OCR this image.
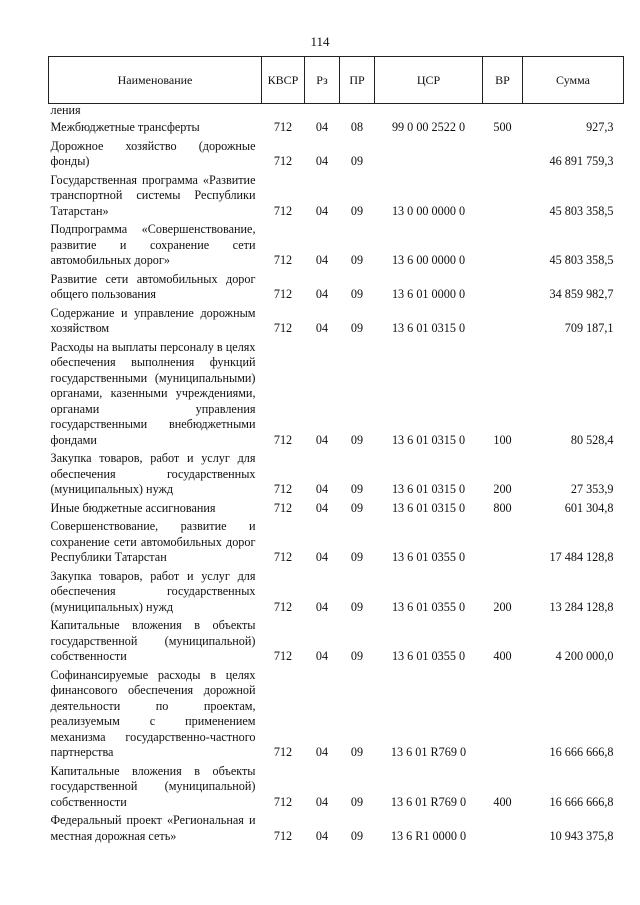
114
Наименование	КВСР	Рз	ПР	ЦСР	ВР	Сумма
ления						
Межбюджетные трансферты	712	04	08	99 0 00 2522 0	500	927,3
Дорожное хозяйство (дорожные фонды)	712	04	09			46 891 759,3
Государственная программа «Развитие транспортной системы Республики Татарстан»	712	04	09	13 0 00 0000 0		45 803 358,5
Подпрограмма «Совершенствование, развитие и сохранение сети автомобильных дорог»	712	04	09	13 6 00 0000 0		45 803 358,5
Развитие сети автомобильных дорог общего пользования	712	04	09	13 6 01 0000 0		34 859 982,7
Содержание и управление дорожным хозяйством	712	04	09	13 6 01 0315 0		709 187,1
Расходы на выплаты персоналу в целях обеспечения выполнения функций государственными (муниципальными) органами, казенными учреждениями, органами управления государственными внебюджетными фондами	712	04	09	13 6 01 0315 0	100	80 528,4
Закупка товаров, работ и услуг для обеспечения государственных (муниципальных) нужд	712	04	09	13 6 01 0315 0	200	27 353,9
Иные бюджетные ассигнования	712	04	09	13 6 01 0315 0	800	601 304,8
Совершенствование, развитие и сохранение сети автомобильных дорог Республики Татарстан	712	04	09	13 6 01 0355 0		17 484 128,8
Закупка товаров, работ и услуг для обеспечения государственных (муниципальных) нужд	712	04	09	13 6 01 0355 0	200	13 284 128,8
Капитальные вложения в объекты государственной (муниципальной) собственности	712	04	09	13 6 01 0355 0	400	4 200 000,0
Софинансируемые расходы в целях финансового обеспечения дорожной деятельности по проектам, реализуемым с применением механизма государственно-частного партнерства	712	04	09	13 6 01 R769 0		16 666 666,8
Капитальные вложения в объекты государственной (муниципальной) собственности	712	04	09	13 6 01 R769 0	400	16 666 666,8
Федеральный проект «Региональная и местная дорожная сеть»	712	04	09	13 6 R1 0000 0		10 943 375,8
